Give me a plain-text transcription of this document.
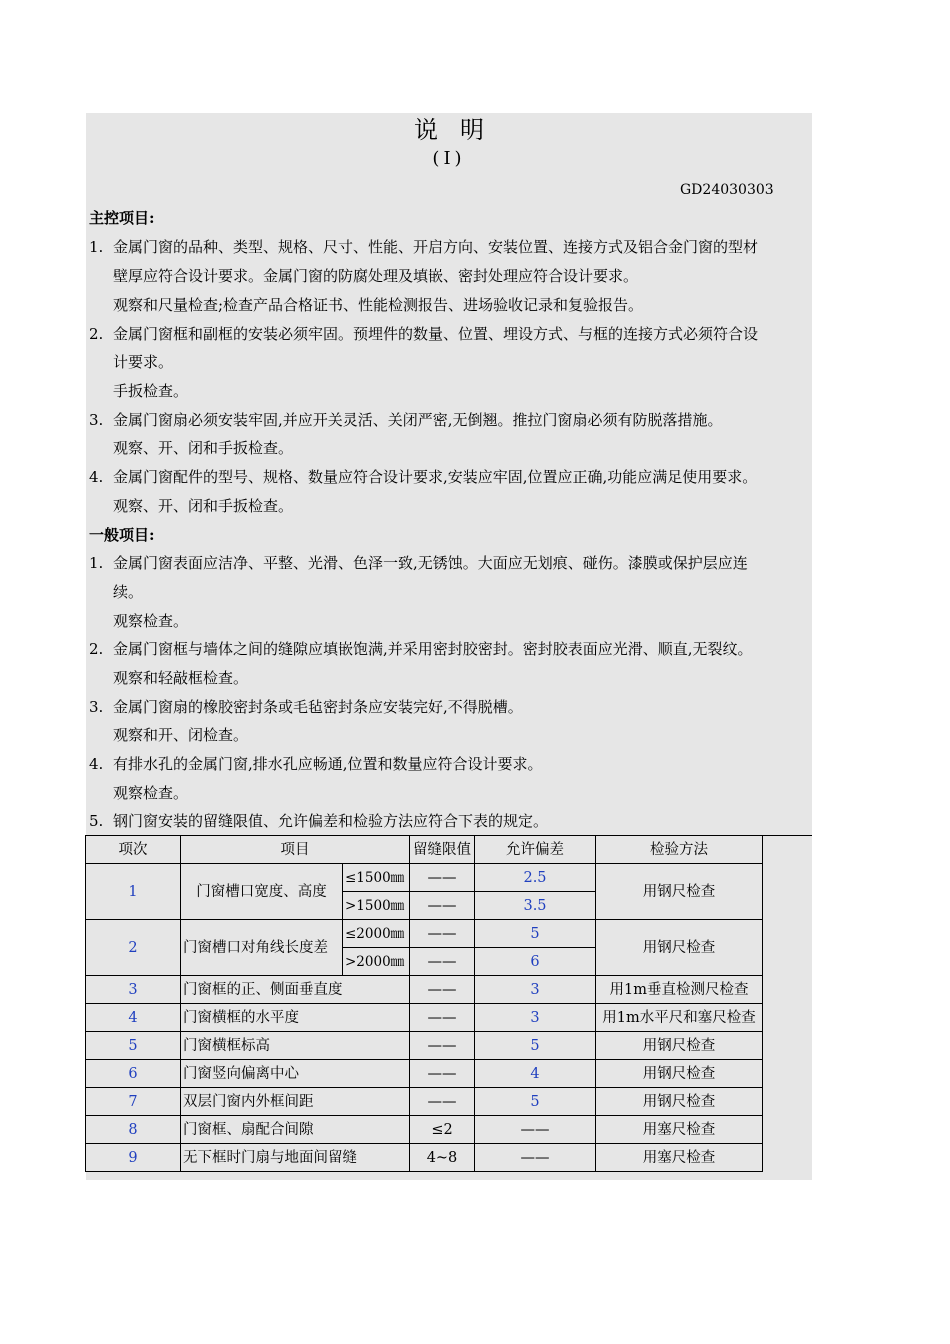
说明
(Ⅰ)
GD24030303
主控项目:
1. 金属门窗的品种、类型、规格、尺寸、性能、开启方向、安装位置、连接方式及铝合金门窗的型材
壁厚应符合设计要求。金属门窗的防腐处理及填嵌、密封处理应符合设计要求。
观察和尺量检查;检查产品合格证书、性能检测报告、进场验收记录和复验报告。
2. 金属门窗框和副框的安装必须牢固。预埋件的数量、位置、埋设方式、与框的连接方式必须符合设
计要求。
手扳检查。
3. 金属门窗扇必须安装牢固,并应开关灵活、关闭严密,无倒翘。推拉门窗扇必须有防脱落措施。
观察、开、闭和手扳检查。
4. 金属门窗配件的型号、规格、数量应符合设计要求,安装应牢固,位置应正确,功能应满足使用要求。
观察、开、闭和手扳检查。
一般项目:
1. 金属门窗表面应洁净、平整、光滑、色泽一致,无锈蚀。大面应无划痕、碰伤。漆膜或保护层应连
续。
观察检查。
2. 金属门窗框与墙体之间的缝隙应填嵌饱满,并采用密封胶密封。密封胶表面应光滑、顺直,无裂纹。
观察和轻敲框检查。
3. 金属门窗扇的橡胶密封条或毛毡密封条应安装完好,不得脱槽。
观察和开、闭检查。
4. 有排水孔的金属门窗,排水孔应畅通,位置和数量应符合设计要求。
观察检查。
5. 钢门窗安装的留缝限值、允许偏差和检验方法应符合下表的规定。
项次	项目		留缝限值	允许偏差	检验方法
1	门窗槽口宽度、高度	≤1500㎜	——	2.5	用钢尺检查
		>1500㎜	——	3.5	
2	门窗槽口对角线长度差	≤2000㎜	——	5	用钢尺检查
		>2000㎜	——	6	
3	门窗框的正、侧面垂直度		——	3	用1m垂直检测尺检查
4	门窗横框的水平度		——	3	用1m水平尺和塞尺检查
5	门窗横框标高		——	5	用钢尺检查
6	门窗竖向偏离中心		——	4	用钢尺检查
7	双层门窗内外框间距		——	5	用钢尺检查
8	门窗框、扇配合间隙		≤2	——	用塞尺检查
9	无下框时门扇与地面间留缝		4~8	——	用塞尺检查
